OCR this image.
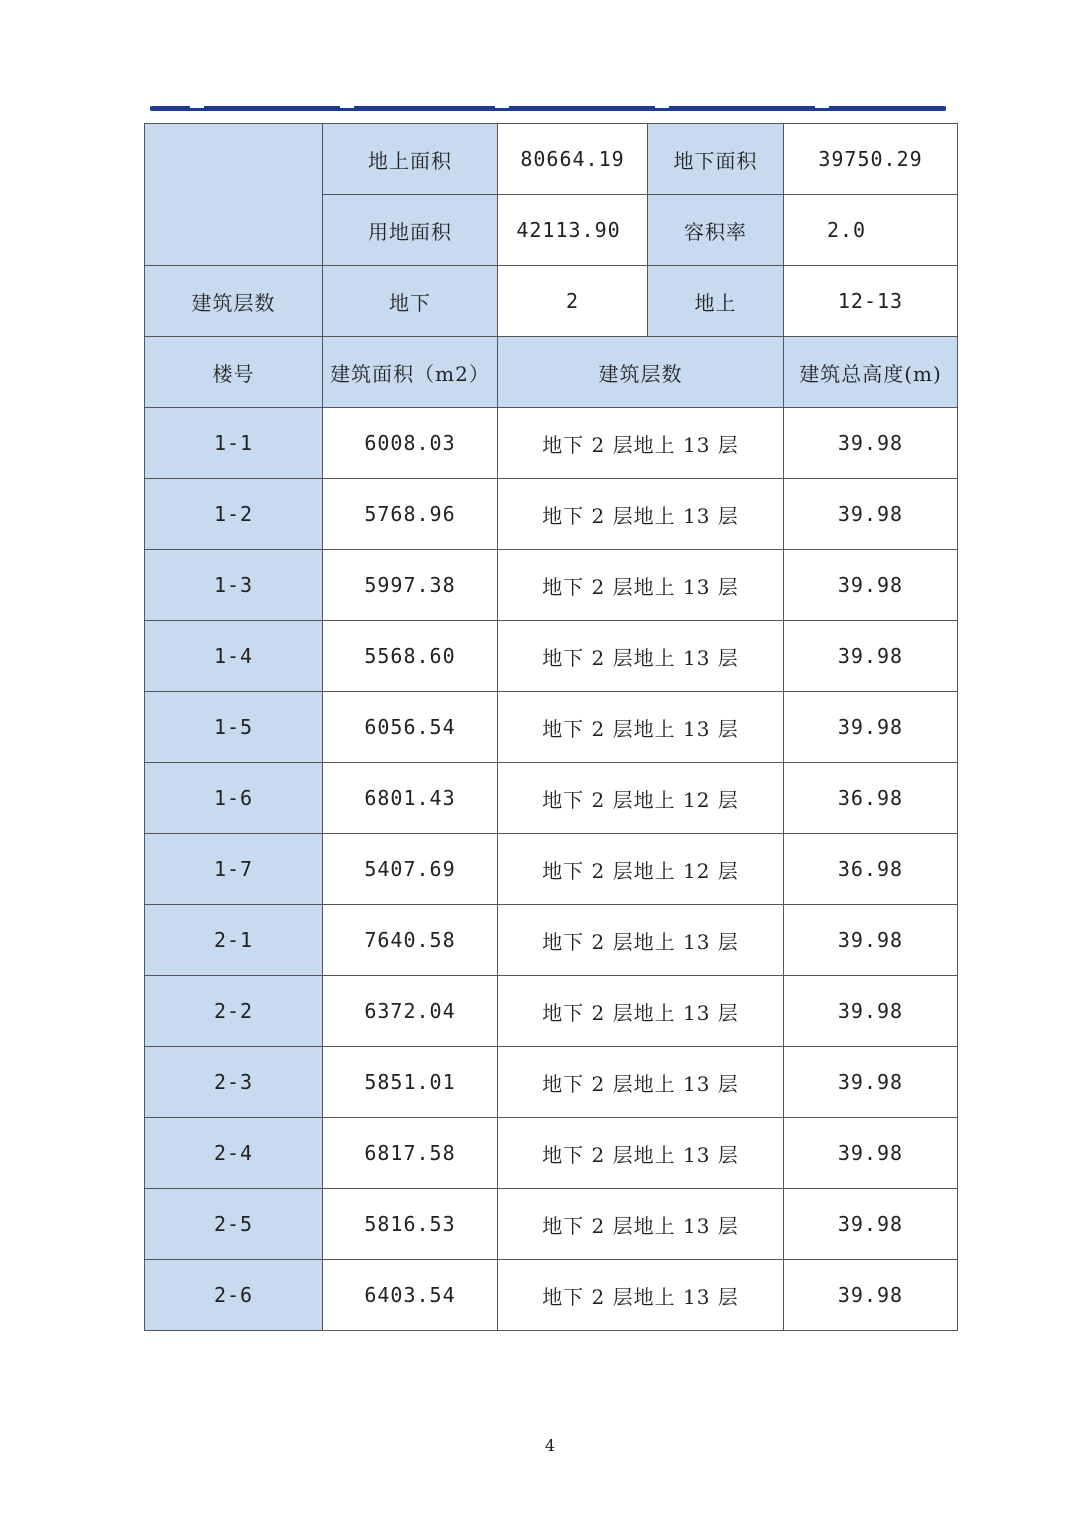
	地上面积	80664.19	地下面积	39750.29
	用地面积	42113.90	容积率	2.0
建筑层数	地下	2	地上	12-13
楼号	建筑面积（m2）	建筑层数		建筑总高度(m)
1-1	6008.03	地下 2 层地上 13 层		39.98
1-2	5768.96	地下 2 层地上 13 层		39.98
1-3	5997.38	地下 2 层地上 13 层		39.98
1-4	5568.60	地下 2 层地上 13 层		39.98
1-5	6056.54	地下 2 层地上 13 层		39.98
1-6	6801.43	地下 2 层地上 12 层		36.98
1-7	5407.69	地下 2 层地上 12 层		36.98
2-1	7640.58	地下 2 层地上 13 层		39.98
2-2	6372.04	地下 2 层地上 13 层		39.98
2-3	5851.01	地下 2 层地上 13 层		39.98
2-4	6817.58	地下 2 层地上 13 层		39.98
2-5	5816.53	地下 2 层地上 13 层		39.98
2-6	6403.54	地下 2 层地上 13 层		39.98
4
